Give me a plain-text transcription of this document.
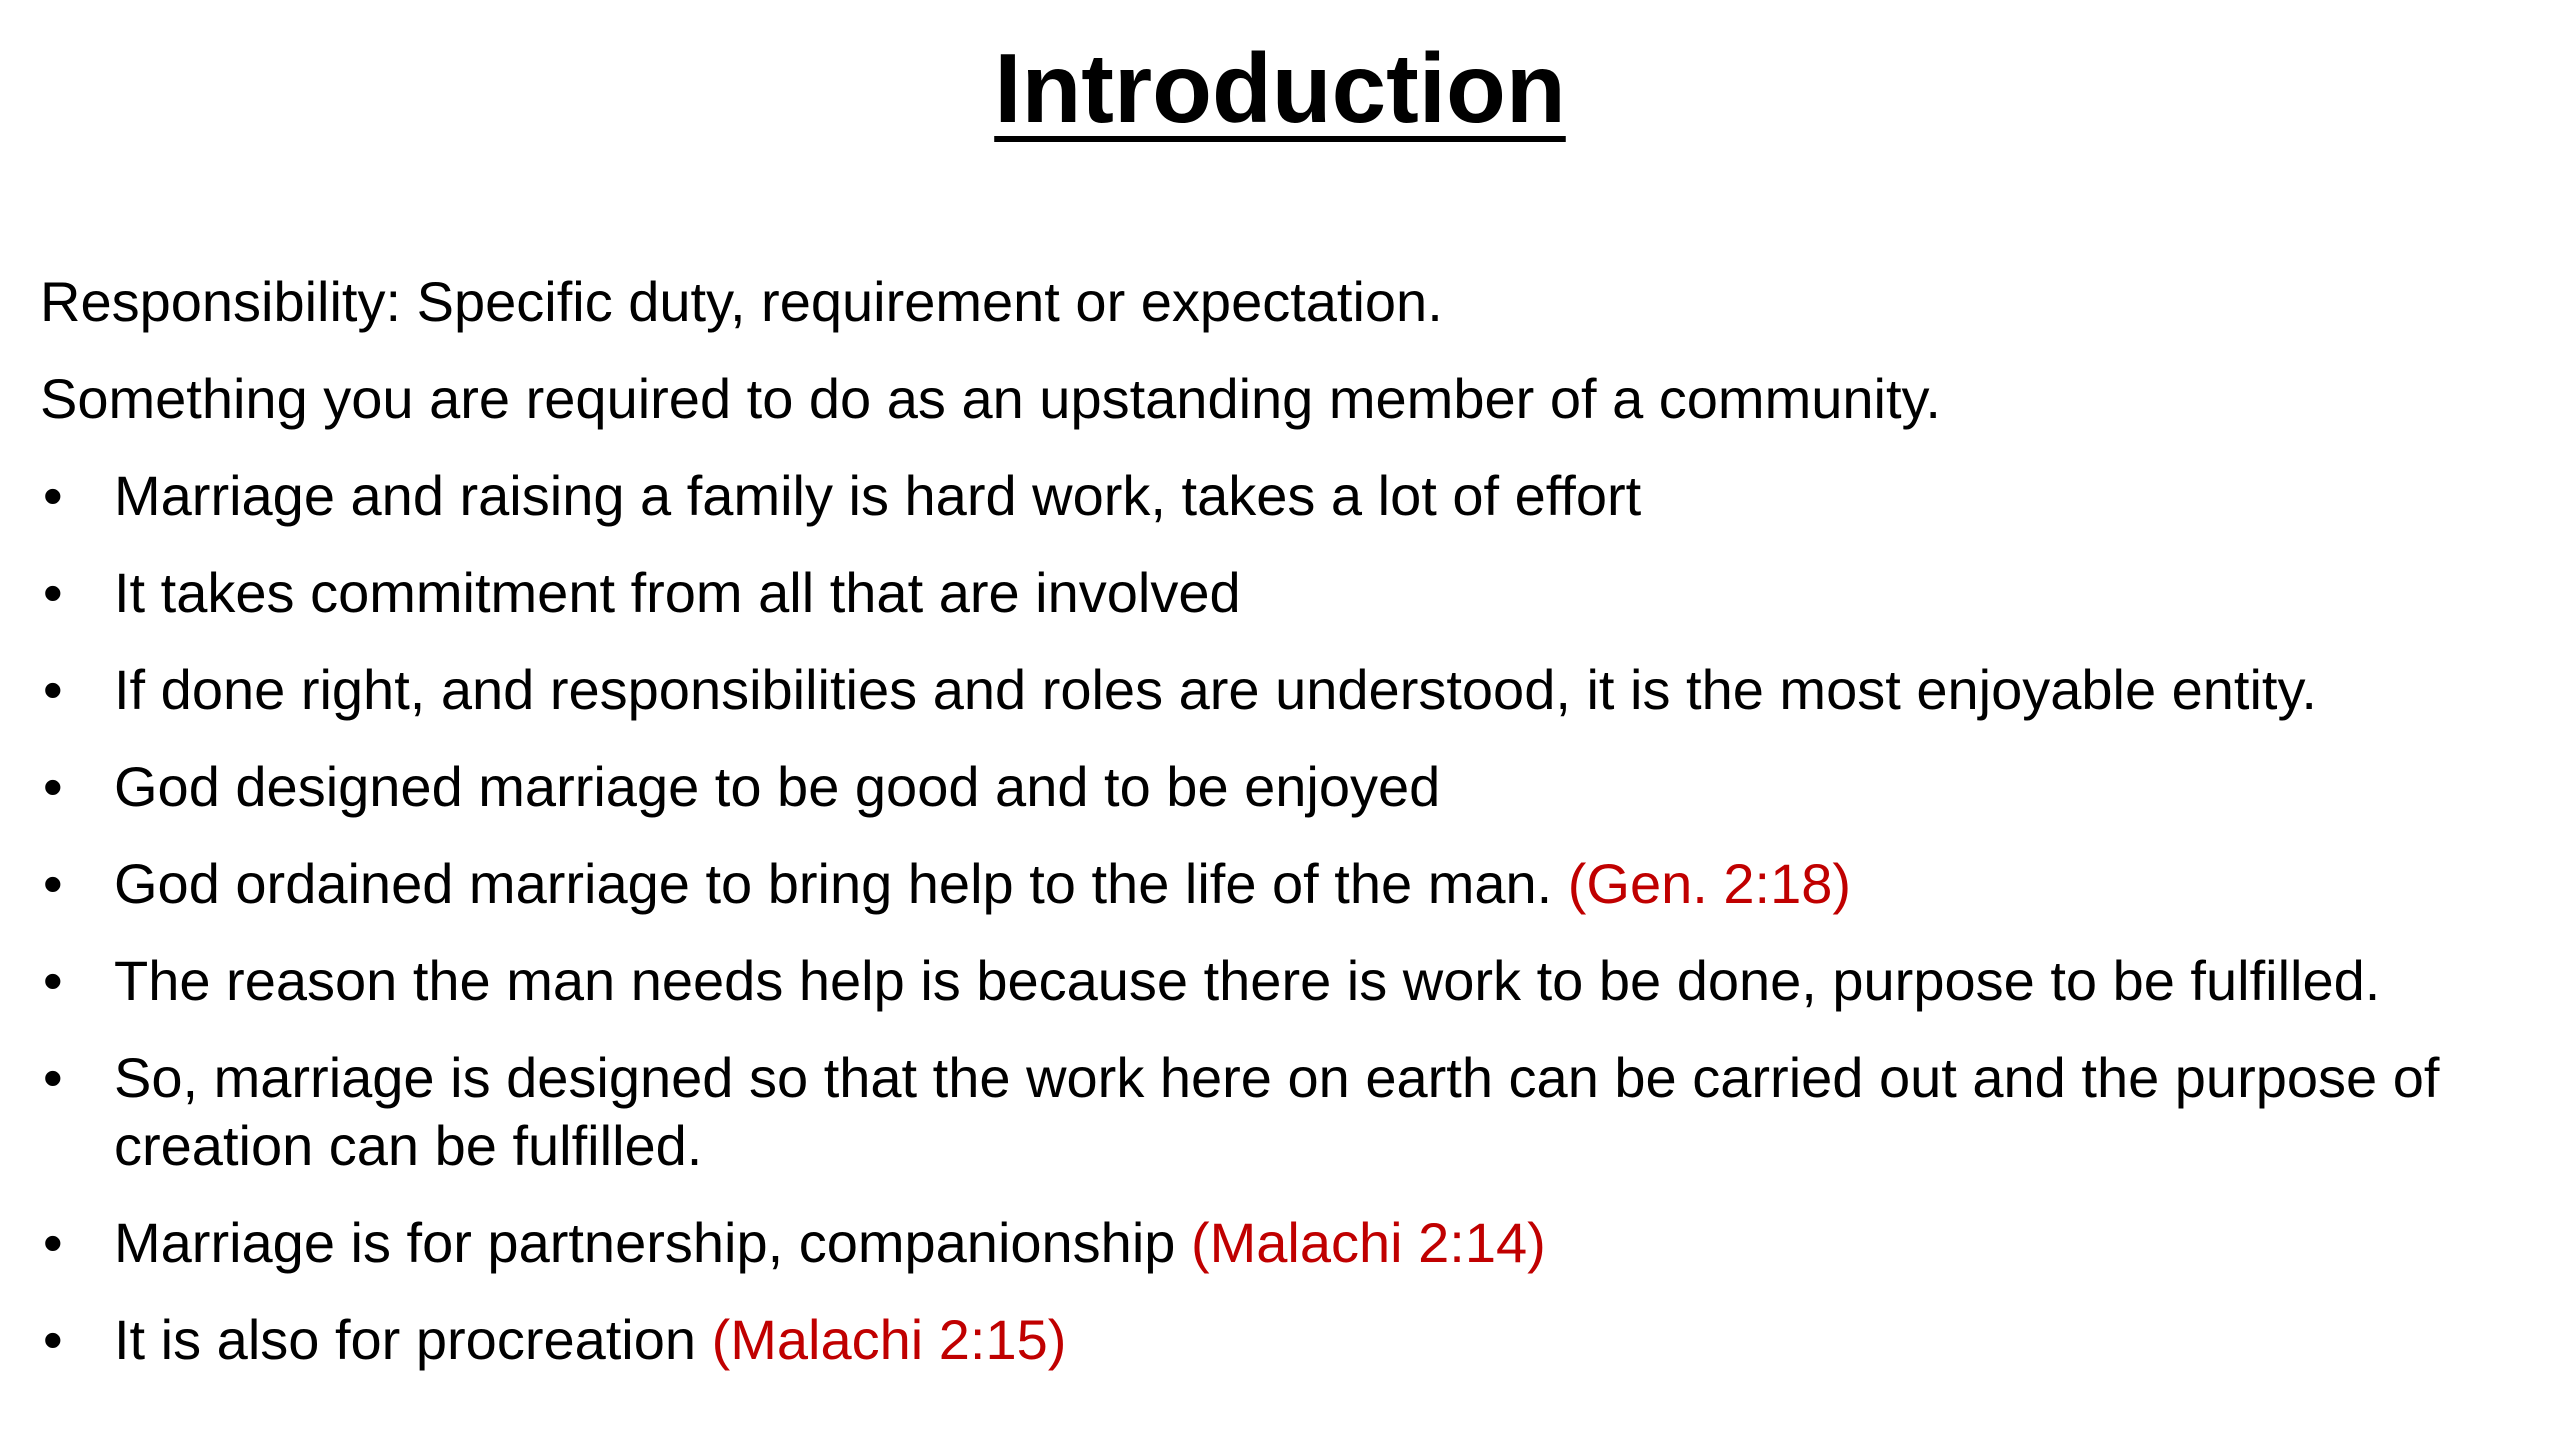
Introduction

Responsibility: Specific duty, requirement or expectation.

Something you are required to do as an upstanding member of a community.

• Marriage and raising a family is hard work, takes a lot of effort
• It takes commitment from all that are involved
• If done right, and responsibilities and roles are understood, it is the most enjoyable entity.
• God designed marriage to be good and to be enjoyed
• God ordained marriage to bring help to the life of the man. (Gen. 2:18)
• The reason the man needs help is because there is work to be done, purpose to be fulfilled.
• So, marriage is designed so that the work here on earth can be carried out and the purpose of creation can be fulfilled.
• Marriage is for partnership, companionship (Malachi 2:14)
• It is also for procreation (Malachi 2:15)
